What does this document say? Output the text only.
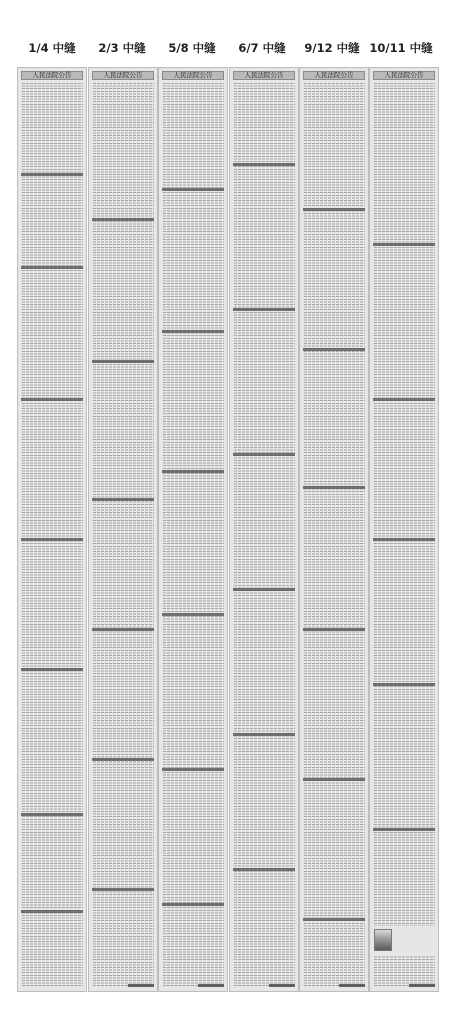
1/4 中缝
人民法院公告
2/3 中缝
人民法院公告
5/8 中缝
人民法院公告
6/7 中缝
人民法院公告
9/12 中缝
人民法院公告
10/11 中缝
人民法院公告
